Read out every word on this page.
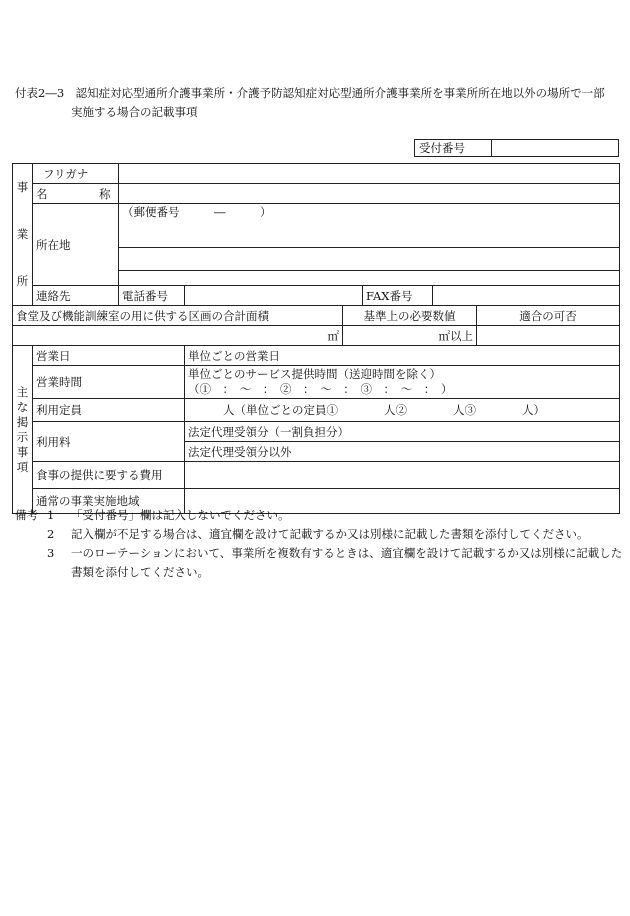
付表2―3　認知症対応型通所介護事業所・介護予防認知症対応型通所介護事業所を事業所所在地以外の場所で一部
実施する場合の記載事項
受付番号	
事業所	フリガナ						
	名　称						
	所在地	（郵便番号　　　―　　　）					

	連絡先	電話番号			FAX番号		
食堂及び機能訓練室の用に供する区画の合計面積				基準上の必要数値			適合の可否
㎡				㎡以上			
主な掲示事項	営業日		単位ごとの営業日				
	営業時間		単位ごとのサービス提供時間（送迎時間を除く）
（①　：　～　：　②　：　～　：　③　：　～　：　）				

	利用定員		人（単位ごとの定員①　　　　人②　　　　人③　　　　人）				
	利用料		法定代理受領分（一割負担分）				
			法定代理受領分以外				
	食事の提供に要する費用						
	通常の事業実施地域						
備考 1 「受付番号」欄は記入しないでください。
2 記入欄が不足する場合は、適宜欄を設けて記載するか又は別様に記載した書類を添付してください。
3 一のローテーションにおいて、事業所を複数有するときは、適宜欄を設けて記載するか又は別様に記載した書類を添付してください。
